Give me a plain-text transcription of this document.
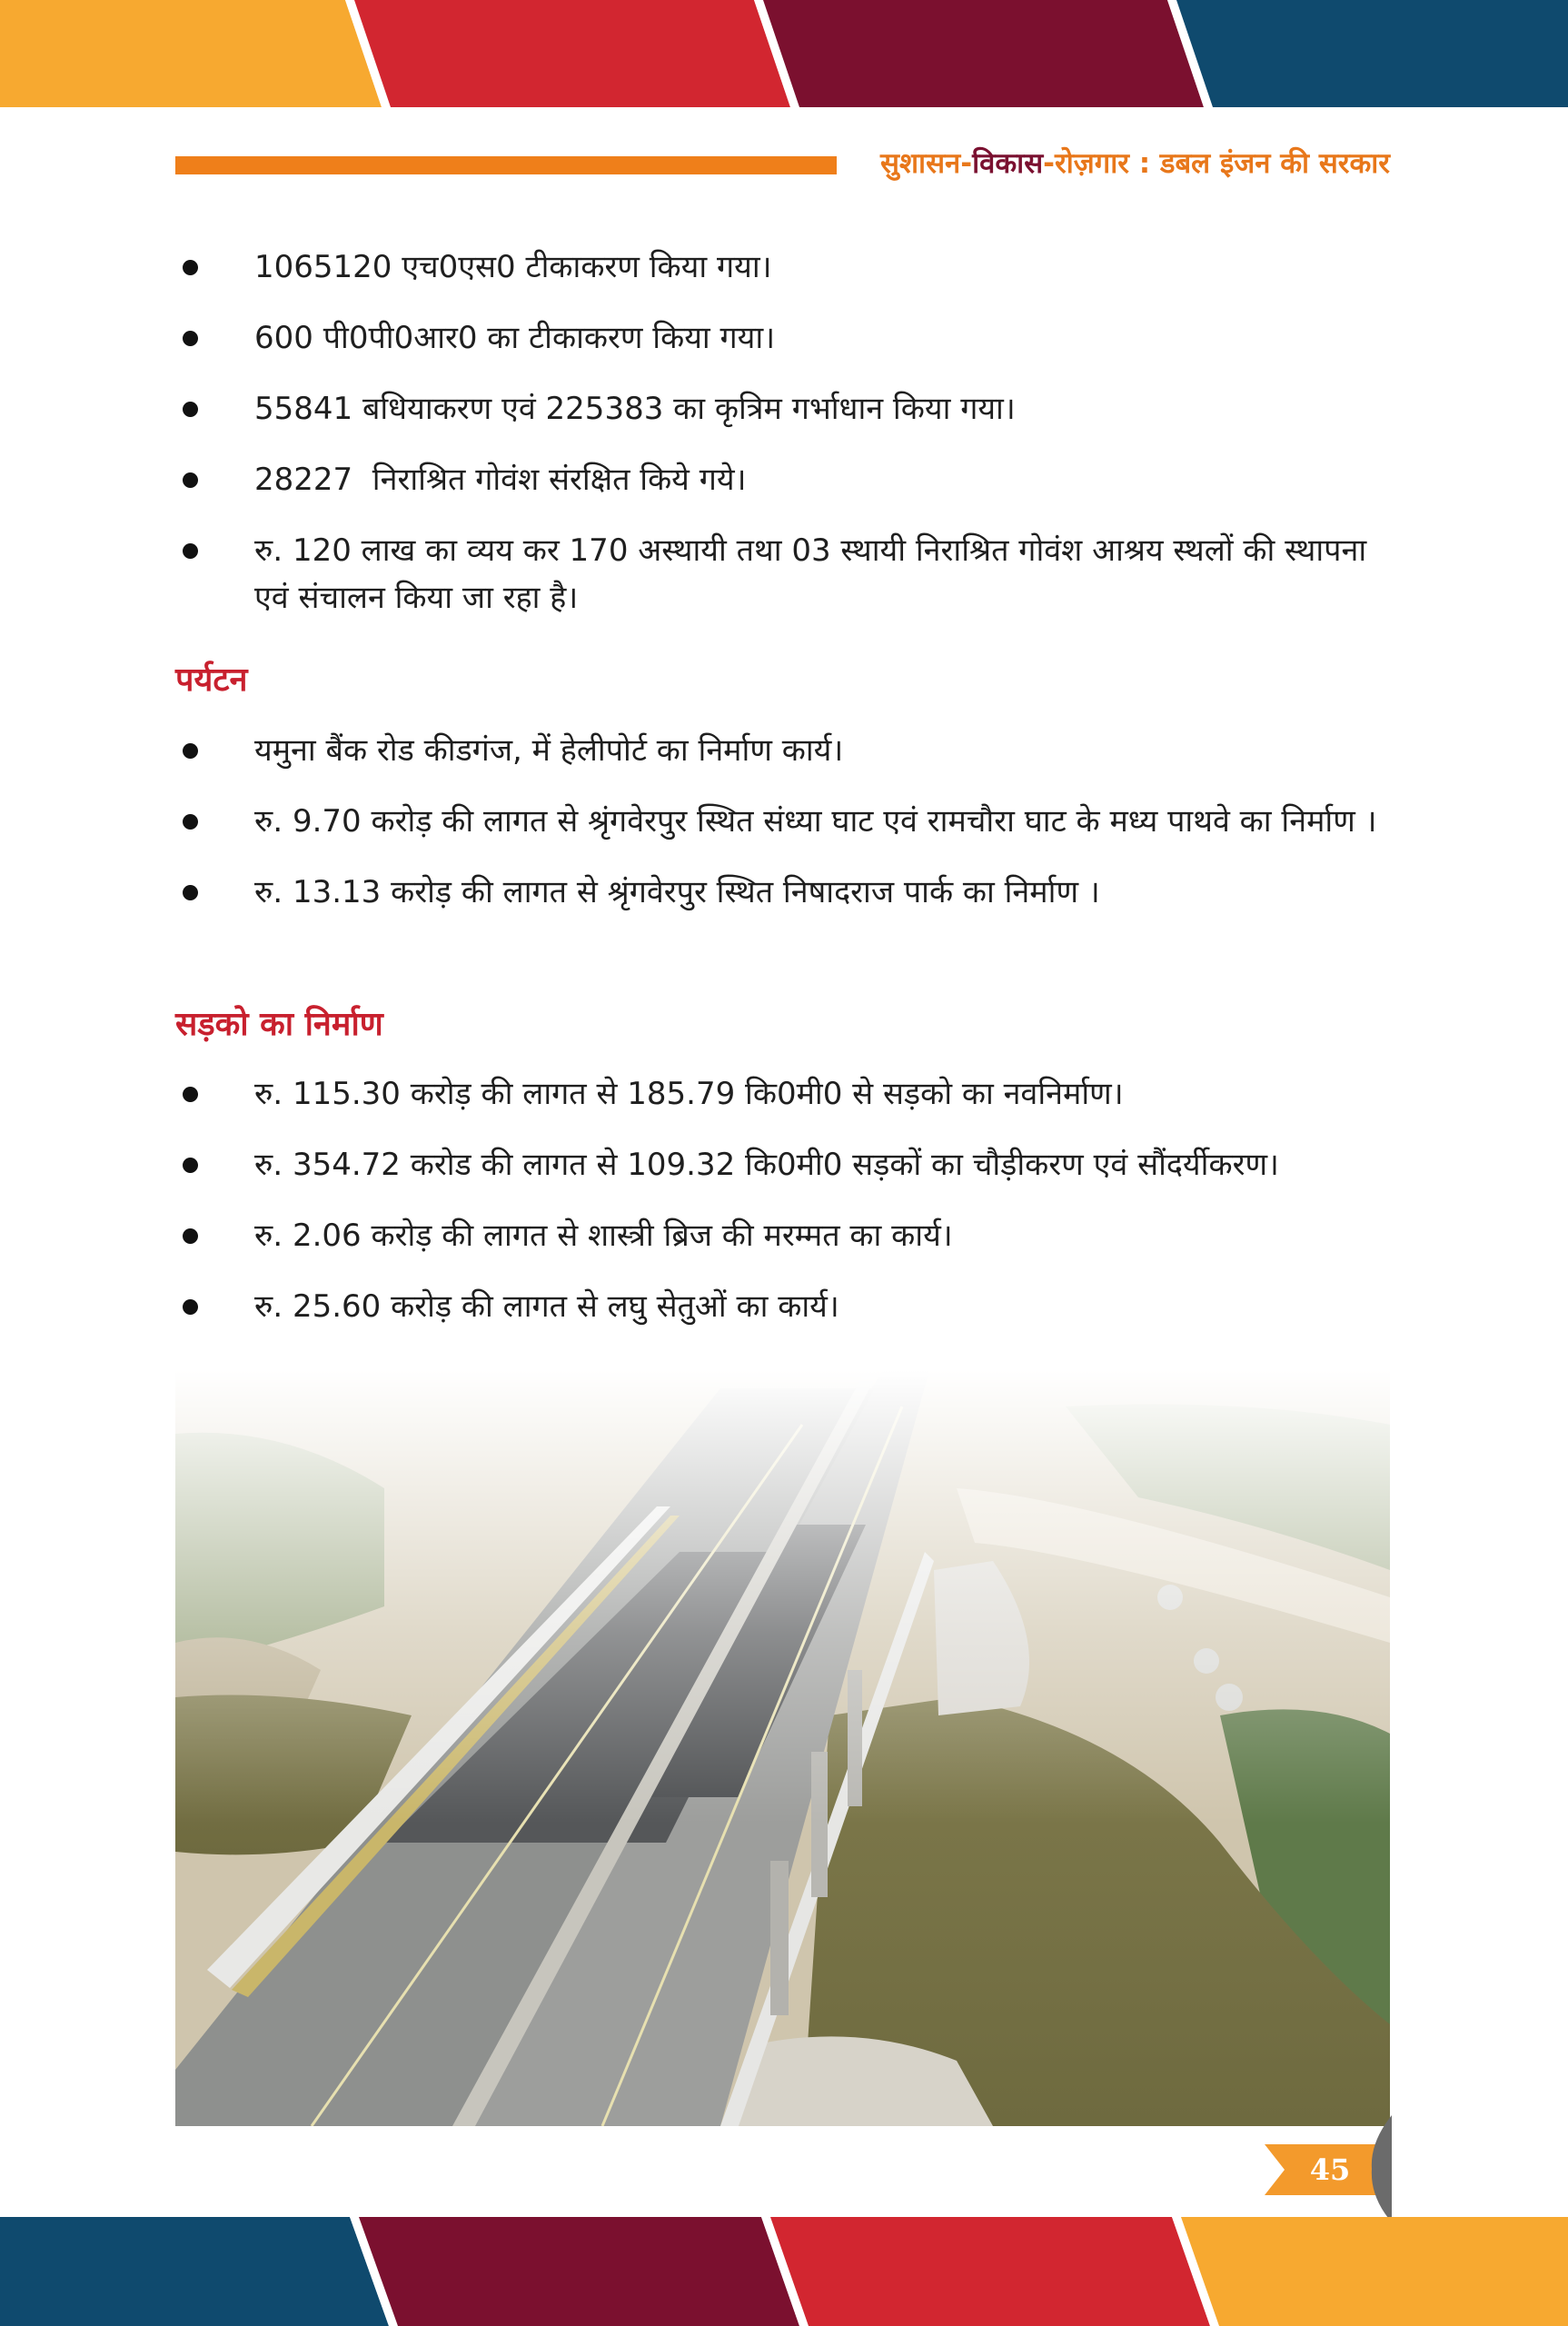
सुशासन-विकास-रोज़गार : डबल इंजन की सरकार
1065120 एच0एस0 टीकाकरण किया गया।
600 पी0पी0आर0 का टीकाकरण किया गया।
55841 बधियाकरण एवं 225383 का कृत्रिम गर्भाधान किया गया।
28227  निराश्रित गोवंश संरक्षित किये गये।
रु. 120 लाख का व्यय कर 170 अस्थायी तथा 03 स्थायी निराश्रित गोवंश आश्रय स्थलों की स्थापना एवं संचालन किया जा रहा है।
पर्यटन
यमुना बैंक रोड कीडगंज, में हेलीपोर्ट का निर्माण कार्य।
रु. 9.70 करोड़ की लागत से श्रृंगवेरपुर स्थित संध्या घाट एवं रामचौरा घाट के मध्य पाथवे का निर्माण ।
रु. 13.13 करोड़ की लागत से श्रृंगवेरपुर स्थित निषादराज पार्क का निर्माण ।
सड़को का निर्माण
रु. 115.30 करोड़ की लागत से 185.79 कि0मी0 से सड़को का नवनिर्माण।
रु. 354.72 करोड की लागत से 109.32 कि0मी0 सड़कों का चौड़ीकरण एवं सौंदर्यीकरण।
रु. 2.06 करोड़ की लागत से शास्त्री ब्रिज की मरम्मत का कार्य।
रु. 25.60 करोड़ की लागत से लघु सेतुओं का कार्य।
45
